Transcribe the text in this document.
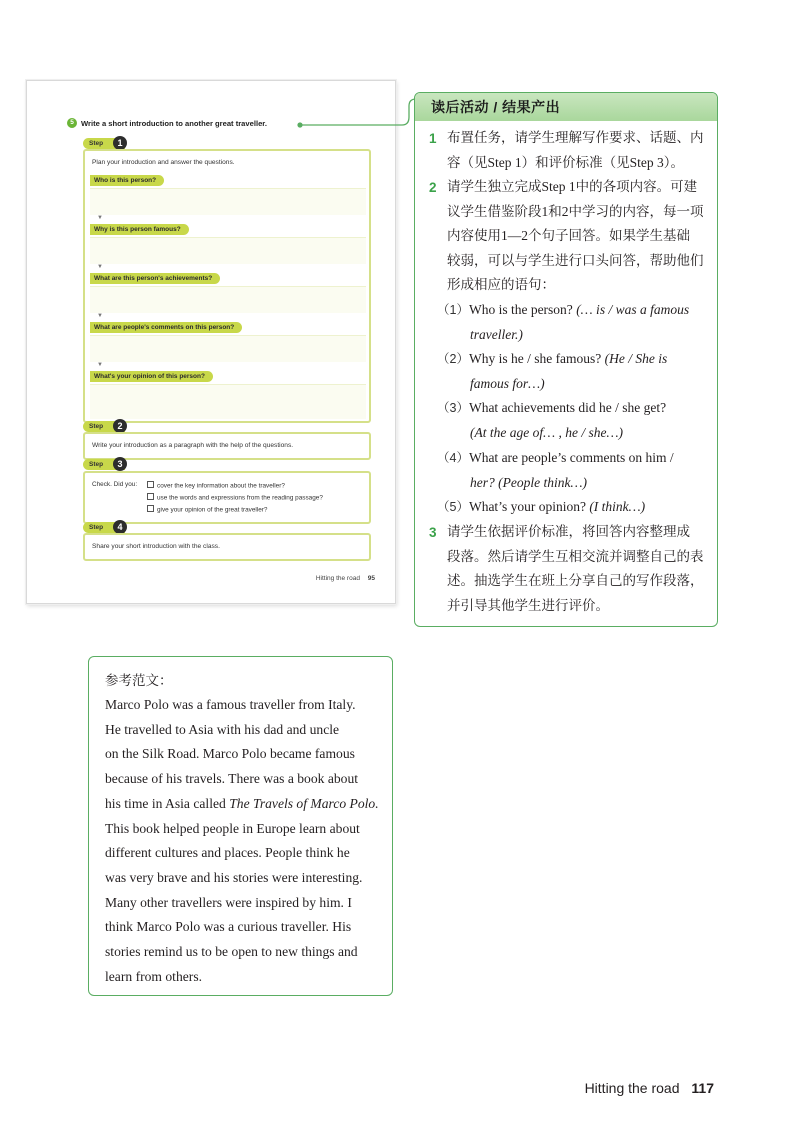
5 Write a short introduction to another great traveller.
Step	1
Plan your introduction and answer the questions.
Who is this person?
▼
Why is this person famous?
▼
What are this person's achievements?
▼
What are people's comments on this person?
▼
What's your opinion of this person?
Step	2
Write your introduction as a paragraph with the help of the questions.
Step	3
Check. Did you:	cover the key information about the traveller?
use the words and expressions from the reading passage?
give your opinion of the great traveller?
Step	4
Share your short introduction with the class.
Hitting the road 95
读后活动 / 结果产出
1 布置任务，请学生理解写作要求、话题、内
容（见Step 1）和评价标准（见Step 3）。
2 请学生独立完成Step 1中的各项内容。可建
议学生借鉴阶段1和2中学习的内容，每一项
内容使用1—2个句子回答。如果学生基础
较弱，可以与学生进行口头问答，帮助他们
形成相应的语句：
（1）Who is the person? (… is / was a famous
traveller.)
（2）Why is he / she famous? (He / She is
famous for…)
（3）What achievements did he / she get?
(At the age of… , he / she…)
（4）What are people’s comments on him /
her? (People think…)
（5）What’s your opinion? (I think…)
3 请学生依据评价标准，将回答内容整理成
段落。然后请学生互相交流并调整自己的表
述。抽选学生在班上分享自己的写作段落，
并引导其他学生进行评价。
参考范文：
Marco Polo was a famous traveller from Italy.
He travelled to Asia with his dad and uncle
on the Silk Road. Marco Polo became famous
because of his travels. There was a book about
his time in Asia called The Travels of Marco Polo.
This book helped people in Europe learn about
different cultures and places. People think he
was very brave and his stories were interesting.
Many other travellers were inspired by him. I
think Marco Polo was a curious traveller. His
stories remind us to be open to new things and
learn from others.
Hitting the road 117
